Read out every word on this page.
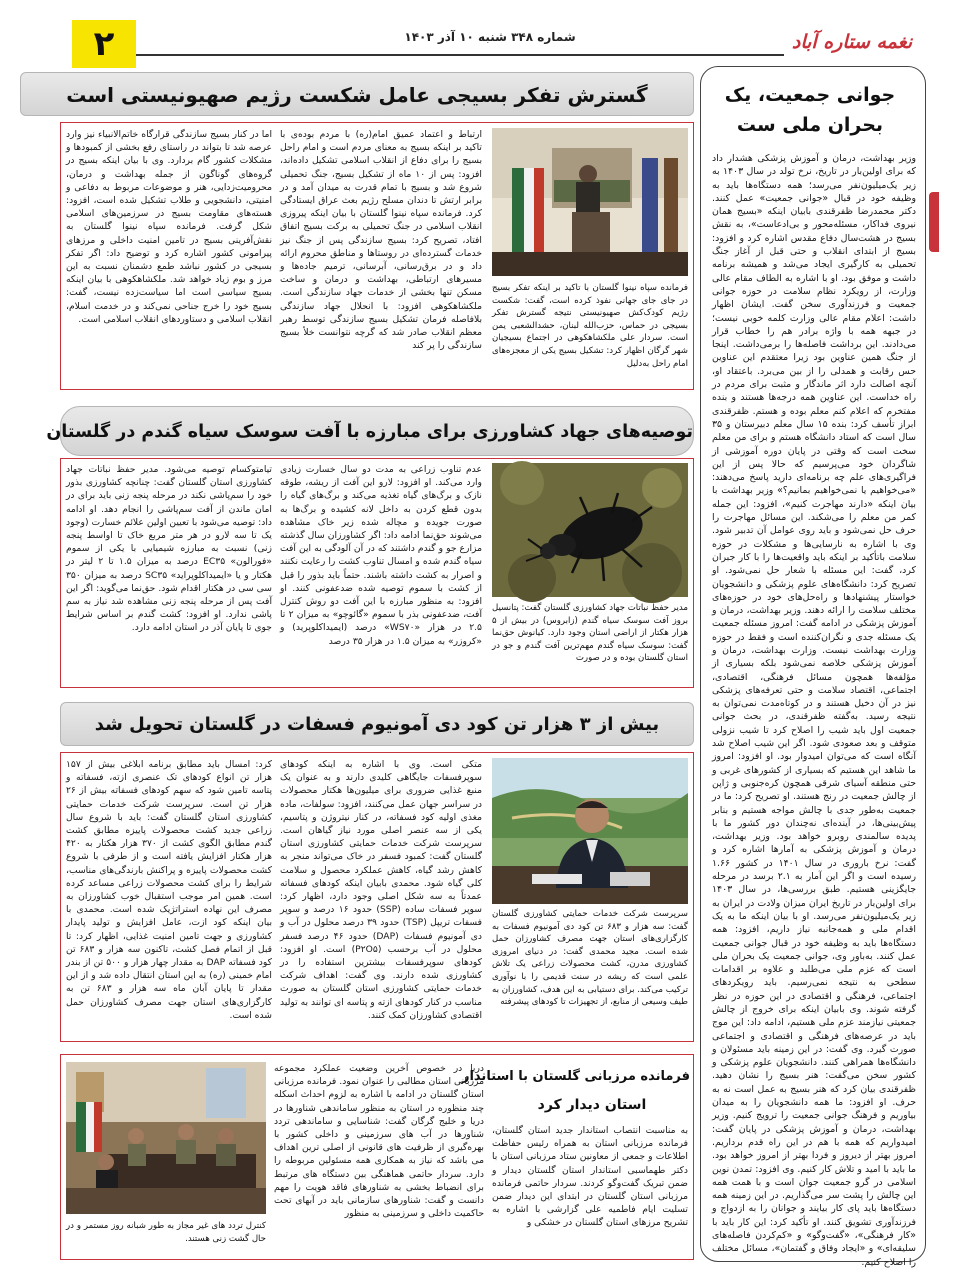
۲	شماره ۳۴۸ شنبه ۱۰ آذر ۱۴۰۳	نغمه ستاره آباد
جوانی جمعیت، یک
بحران ملی ست
وزیر بهداشت، درمان و آموزش پزشکی هشدار داد که برای اولین‌بار در تاریخ، نرخ تولد در سال ۱۴۰۳ به زیر یک‌میلیون‌نفر می‌رسد؛ همه دستگاه‌ها باید به وظیفه خود در قبال «جوانی جمعیت» عمل کنند. دکتر محمدرضا ظفرقندی بابیان اینکه «بسیج همان نیروی فداکار، مسئله‌محور و بی‌ادعاست»، به نقش بسیج در هشت‌سال دفاع مقدس اشاره کرد و افزود: بسیج از ابتدای انقلاب و حتی قبل از آغاز جنگ تحمیلی به کارگیری ایجاد می‌شد و همیشه برنامه داشت و موفق بود. او با اشاره به الطاف مقام عالی وزارت، از رویکرد نظام سلامت در حوزه جوانی جمعیت و فرزندآوری سخن گفت. ایشان اظهار داشت: اعلام مقام عالی وزارت کلمه خوبی نیست؛ در جبهه همه با واژه برادر هم را خطاب قرار می‌دادند. این برداشت فاصله‌ها را برمی‌داشت. اینجا از جنگ همین عناوین بود زیرا معتقدم این عناوین حس رقابت و همدلی را از بین می‌برد. باعتقاد او، آنچه اصالت دارد اثر ماندگار و مثبت برای مردم در راه خداست. این عناوین همه درجه‌ها هستند و بنده مفتخرم که اعلام کنم معلم بوده و هستم. ظفرقندی ابراز تأسف کرد: بنده ۱۵ سال معلم دبیرستان و ۳۵ سال است که استاد دانشگاه هستم و برای من معلم سخت است که وقتی در پایان دوره آموزشی از شاگردان خود می‌پرسیم که حالا پس از این فراگیری‌های علم چه برنامه‌ای دارید پاسخ می‌دهند: «می‌خواهیم یا نمی‌خواهیم بمانیم؟» وزیر بهداشت با بیان اینکه «دارند مهاجرت کنیم»، افزود: این جمله کمر من معلم را می‌شکند. این مسائل مهاجرت را حرف حل نمی‌شود و باید روی عوامل آن تدبیر شود. وی با اشاره به نارسایی‌ها و مشکلات در حوزه سلامت باتأکید بر اینکه باید واقعیت‌ها را با کار جبران کرد، گفت: این مسئله با شعار حل نمی‌شود. او تصریح کرد: دانشگاه‌های علوم پزشکی و دانشجویان خواستار پیشنهادها و راه‌حل‌های خود در حوزه‌های مختلف سلامت را ارائه دهند. وزیر بهداشت، درمان و آموزش پزشکی در ادامه گفت: امروز مسئله جمعیت یک مسئله جدی و نگران‌کننده است و فقط در حوزه وزارت بهداشت نیست. وزارت بهداشت، درمان و آموزش پزشکی خلاصه نمی‌شود بلکه بسیاری از مؤلفه‌ها همچون مسائل فرهنگی، اقتصادی، اجتماعی، اقتصاد سلامت و حتی تعرفه‌های پزشکی نیز در آن دخیل هستند و در کوتاه‌مدت نمی‌توان به نتیجه رسید. به‌گفته ظفرقندی، در بحث جوانی جمعیت اول باید شیب را اصلاح کرد تا شیب نزولی متوقف و بعد صعودی شود. اگر این شیب اصلاح شد آنگاه است که می‌توان امیدوار بود. او افزود: امروز ما شاهد این هستیم که بسیاری از کشورهای غربی و حتی منطقه آسیای شرقی همچون کره‌جنوبی و ژاپن از چالش جمعیت در رنج هستند. او تصریح کرد: ما در جمعیت به‌طور جدی با چالش مواجه هستیم و بنابر پیش‌بینی‌ها، در آینده‌ای نه‌چندان دور کشور ما با پدیده سالمندی روبرو خواهد بود. وزیر بهداشت، درمان و آموزش پزشکی به آمارها اشاره کرد و گفت: نرخ باروری در سال ۱۴۰۱ در کشور ۱.۶۶ رسیده است و اگر این آمار به ۲.۱ برسد در مرحله جایگزینی هستیم. طبق بررسی‌ها، در سال ۱۴۰۳ برای اولین‌بار در تاریخ ایران میزان ولادت در ایران به زیر یک‌میلیون‌نفر می‌رسد. او با بیان اینکه ما به یک اقدام ملی و همه‌جانبه نیاز داریم، افزود: همه دستگاه‌ها باید به وظیفه خود در قبال جوانی جمعیت عمل کنند. به‌باور وی، جوانی جمعیت یک بحران ملی است که عزم ملی می‌طلبد و علاوه بر اقدامات سطحی به نتیجه نمی‌رسیم. باید رویکردهای اجتماعی، فرهنگی و اقتصادی در این حوزه در نظر گرفته شوند. وی بابیان اینکه برای خروج از چالش جمعیتی نیازمند عزم ملی هستیم، ادامه داد: این موج باید در عرصه‌های فرهنگی و اقتصادی و اجتماعی صورت گیرد. وی گفت: در این زمینه باید مسئولان و دانشگاه‌ها همراهی کنند. دانشجویان علوم پزشکی و کشور سخن می‌گفت: هنر بسیج را نشان دهید. ظفرقندی بیان کرد که هنر بسیج به عمل است نه به حرف. او افزود: ما همه دانشجویان را به میدان بیاوریم و فرهنگ جوانی جمعیت را ترویج کنیم. وزیر بهداشت، درمان و آموزش پزشکی در پایان گفت: امیدواریم که همه با هم در این راه قدم برداریم. امروز بهتر از دیروز و فردا بهتر از امروز خواهد بود. ما باید با امید و تلاش کار کنیم. وی افزود: تمدن نوین اسلامی در گرو جمعیت جوان است و با همت همه این چالش را پشت سر می‌گذاریم. در این زمینه همه دستگاه‌ها باید پای کار بیایند و جوانان را به ازدواج و فرزندآوری تشویق کنند. او تأکید کرد: این کار باید با «کار فرهنگی»، «گفت‌وگو» و «کم‌کردن فاصله‌های سلیقه‌ای» و «ایجاد وفاق و گفتمان»، مسائل مختلف را اصلاح کنیم.
گسترش تفکر بسیجی عامل شکست رژیم صهیونیستی است
فرمانده سپاه نینوا گلستان با تاکید بر اینکه تفکر بسیج در جای جای جهانی نفوذ کرده است، گفت: شکست رژیم کودک‌کش صهیونیستی نتیجه گسترش تفکر بسیجی در حماس، حزب‌الله لبنان، حشدالشعبی یمن است. سردار علی ملکشاهکوهی در اجتماع بسیجیان شهر گرگان اظهار کرد: تشکیل بسیج یکی از معجزه‌های امام راحل به‌دلیل
ارتباط و اعتماد عمیق امام(ره) با مردم بوده‌ی با تاکید بر اینکه بسیج به معنای مردم است و امام راحل بسیج را برای دفاع از انقلاب اسلامی تشکیل داده‌اند، افزود: پس از ۱۰ ماه از تشکیل بسیج، جنگ تحمیلی شروع شد و بسیج با تمام قدرت به میدان آمد و در برابر ارتش تا دندان مسلح رژیم بعث عراق ایستادگی کرد. فرمانده سپاه نینوا گلستان با بیان اینکه پیروزی انقلاب اسلامی در جنگ تحمیلی به برکت بسیج اتفاق افتاد، تصریح کرد: بسیج سازندگی پس از جنگ نیز خدمات گسترده‌ای در روستاها و مناطق محروم ارائه داد و در برق‌رسانی، آبرسانی، ترمیم جاده‌ها و مسیرهای ارتباطی، بهداشت و درمان و ساخت مسکن تنها بخشی از خدمات جهاد سازندگی است. ملکشاهکوهی افزود: با انحلال جهاد سازندگی بلافاصله فرمان تشکیل بسیج سازندگی توسط رهبر معظم انقلاب صادر شد که گرچه نتوانست خلأ بسیج سازندگی را پر کند
اما در کنار بسیج سازندگی قرارگاه خاتم‌الانبیاء نیز وارد عرصه شد تا بتواند در راستای رفع بخشی از کمبودها و مشکلات کشور گام بردارد. وی با بیان اینکه بسیج در گروه‌های گوناگون از جمله بهداشت و درمان، محرومیت‌زدایی، هنر و موضوعات مربوط به دفاعی و امنیتی، دانشجویی و طلاب تشکیل شده است، افزود: هسته‌های مقاومت بسیج در سرزمین‌های اسلامی شکل گرفت. فرمانده سپاه نینوا گلستان به نقش‌آفرینی بسیج در تامین امنیت داخلی و مرزهای پیرامونی کشور اشاره کرد و توضیح داد: اگر تفکر بسیجی در کشور نباشد طمع دشمنان نسبت به این مرز و بوم زیاد خواهد شد. ملکشاهکوهی با بیان اینکه بسیج سیاسی است اما سیاست‌زده نیست، گفت: بسیج خود را خرج جناحی نمی‌کند و در خدمت اسلام، انقلاب اسلامی و دستاوردهای انقلاب اسلامی است.
توصیه‌های جهاد کشاورزی برای مبارزه با آفت سوسک سیاه گندم در گلستان
مدیر حفظ نباتات جهاد کشاورزی گلستان گفت: پتانسیل بروز آفت سوسک سیاه گندم (زابروس) در بیش از ۵ هزار هکتار از اراضی استان وجود دارد. کیانوش حق‌نما گفت: سوسک سیاه گندم مهم‌ترین آفت گندم و جو در استان گلستان بوده و در صورت
عدم تناوب زراعی به مدت دو سال خسارت زیادی وارد می‌کند. او افزود: لارو این آفت از ریشه، طوقه نازک و برگ‌های گیاه تغذیه می‌کند و برگ‌های گیاه را بدون قطع کردن به داخل لانه کشیده و برگ‌ها به صورت جویده و مچاله شده زیر خاک مشاهده می‌شوند حق‌نما ادامه داد: اگر کشاورزان سال گذشته مزارع جو و گندم داشتند که در آن آلودگی به این آفت سیاه گندم شده و امسال تناوب کشت را رعایت نکنند و اصرار به کشت داشته باشند. حتماً باید بذور را قبل از کشت با سموم توصیه شده ضدعفونی کنند. او افزود: به منظور مبارزه با این آفت دو روش کنترل آفت، ضدعفونی بذر با سموم «گائوچو» به میزان ۲ تا ۲.۵ در هزار «WS۷۰» درصد (ایمیداکلوپرید) و «کروزر» به میزان ۱.۵ در هزار ۳۵ درصد
تیامتوکسام توصیه می‌شود. مدیر حفظ نباتات جهاد کشاورزی استان گلستان گفت: چنانچه کشاورزی بذور خود را سم‌پاشی نکند در مرحله پنجه زنی باید برای در امان ماندن از آفت سم‌پاشی را انجام دهد. او ادامه داد: توصیه می‌شود با تعیین اولین علائم خسارت (وجود یک تا سه لارو در هر متر مربع خاک تا اواسط پنجه زنی) نسبت به مبارزه شیمیایی با یکی از سموم «فورالون» EC۳۵ درصد به میزان ۱.۵ تا ۲ لیتر در هکتار و یا «ایمیداکلوپراید» SC۳۵ درصد به میزان ۳۵۰ سی سی در هکتار اقدام شود. حق‌نما می‌گوید: اگر این آفت پس از مرحله پنجه زنی مشاهده شد نیاز به سم پاشی ندارد. او افزود: کشت گندم بر اساس شرایط جوی تا پایان آذر در استان ادامه دارد.
بیش از ۳ هزار تن کود دی آمونیوم فسفات در گلستان تحویل شد
سرپرست شرکت خدمات حمایتی کشاورزی گلستان گفت: سه هزار و ۶۸۳ تن کود دی آمونیوم فسفات به کارگزاری‌های استان جهت مصرف کشاورزان حمل شده است. مجید محمدی گفت: در دنیای امروزی کشاورزی مدرن، کشت محصولات زراعی یک تلاش علمی است که ریشه در سنت قدیمی را با نوآوری ترکیب می‌کند. برای دستیابی به این هدف، کشاورزان به طیف وسیعی از منابع، از تجهیزات تا کودهای پیشرفته
متکی است. وی با اشاره به اینکه کودهای سوپرفسفات جایگاهی کلیدی دارند و به عنوان یک منبع غذایی ضروری برای میلیون‌ها هکتار محصولات در سراسر جهان عمل می‌کنند، افزود: سولفات، ماده مغذی اولیه کود فسفاته، در کنار نیتروژن و پتاسیم، یکی از سه عنصر اصلی مورد نیاز گیاهان است. سرپرست شرکت خدمات حمایتی کشاورزی استان گلستان گفت: کمبود فسفر در خاک می‌تواند منجر به کاهش رشد گیاه، کاهش عملکرد محصول و سلامت کلی گیاه شود. محمدی بابیان اینکه کودهای فسفاته عمدتاً به سه شکل اصلی وجود دارد، اظهار کرد: سوپر فسفات ساده (SSP) حدود ۱۶ درصد و سوپر فسفات تریپل (TSP) حدود ۳۹ درصد محلول در آب و دی آمونیوم فسفات (DAP) حدود ۴۶ درصد فسفر محلول در آب برحسب (P۲O۵) است. او افزود: کودهای سوپرفسفات بیشترین استفاده را در کشاورزی شده دارند. وی گفت: اهداف شرکت خدمات حمایتی کشاورزی استان گلستان به صورت مناسب در کنار کودهای ازته و پتاسه ای توانند به تولید اقتصادی کشاورزان کمک کنند.
کرد: امسال باید مطابق برنامه ابلاغی بیش از ۱۵۷ هزار تن انواع کودهای تک عنصری ازته، فسفاته و پتاسه تامین شود که سهم کودهای فسفاته بیش از ۲۶ هزار تن است. سرپرست شرکت خدمات حمایتی کشاورزی استان گلستان گفت: باید با شروع سال زراعی جدید کشت محصولات پاییزه مطابق کشت گندم مطابق الگوی کشت از ۳۷۰ هزار هکتار به ۴۲۰ هزار هکتار افزایش یافته است و از طرفی با شروع کشت محصولات پاییزه و پراکنش بارندگی‌های مناسب، شرایط را برای کشت محصولات زراعی مساعد کرده است. همین امر موجب استقبال خوب کشاورزان به مصرف این نهاده استراتژیک شده است. محمدی با بیان اینکه کود ازت، عامل افزایش و تولید پایدار کشاورزی و جهت تامین امنیت غذایی، اظهار کرد: تا قبل از اتمام فصل کشت، تاکنون سه هزار و ۶۸۳ تن کود فسفاته DAP به مقدار چهار هزار و ۵۰۰ تن از بندر امام خمینی (ره) به این استان انتقال داده شد و از این مقدار تا پایان آبان ماه سه هزار و ۶۸۳ تن به کارگزاری‌های استان جهت مصرف کشاورزان حمل شده است.
فرمانده مرزبانی گلستان با استاندار
استان دیدار کرد
به مناسبت انتصاب استاندار جدید استان گلستان، فرمانده مرزبانی استان به همراه رئیس حفاظت اطلاعات و جمعی از معاونین ستاد مرزبانی استان با دکتر طهماسبی استاندار استان گلستان دیدار و ضمن تبریک گفت‌وگو کردند. سردار حاتمی فرمانده مرزبانی استان گلستان در ابتدای این دیدار ضمن تسلیت ایام فاطمیه علی گزارشی با اشاره به تشریح مرزهای استان گلستان در خشکی و
دریا در خصوص آخرین وضعیت عملکرد مجموعه مرزبانی استان مطالبی را عنوان نمود. فرمانده مرزبانی استان گلستان در ادامه با اشاره به لزوم احداث اسکله چند منظوره در استان به منظور ساماندهی شناورها در دریا و خلیج گرگان گفت: شناسایی و ساماندهی تردد شناورها در آب های سرزمینی و داخلی کشور با بهره‌گیری از ظرفیت های قانونی از اصلی ترین اهداف می باشد که نیاز به همکاری همه مسئولین مربوطه را دارد. سردار حاتمی هماهنگی بین دستگاه های مرتبط برای انضباط بخشی به شناورهای فاقد هویت را مهم دانست و گفت: شناورهای سازمانی باید در آبهای تحت حاکمیت داخلی و سرزمینی به منظور
کنترل تردد های غیر مجاز به طور شبانه روز مستمر و در حال گشت زنی هستند.
